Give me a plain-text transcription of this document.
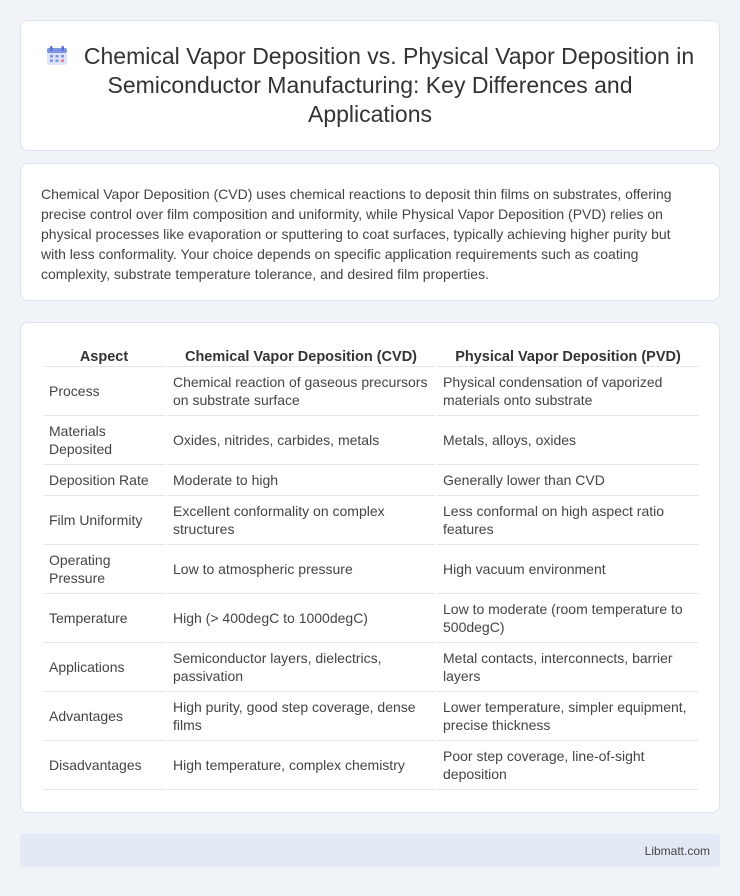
Chemical Vapor Deposition vs. Physical Vapor Deposition in Semiconductor Manufacturing: Key Differences and Applications

Chemical Vapor Deposition (CVD) uses chemical reactions to deposit thin films on substrates, offering precise control over film composition and uniformity, while Physical Vapor Deposition (PVD) relies on physical processes like evaporation or sputtering to coat surfaces, typically achieving higher purity but with less conformality. Your choice depends on specific application requirements such as coating complexity, substrate temperature tolerance, and desired film properties.

Aspect	Chemical Vapor Deposition (CVD)	Physical Vapor Deposition (PVD)
Process	Chemical reaction of gaseous precursors on substrate surface	Physical condensation of vaporized materials onto substrate
Materials Deposited	Oxides, nitrides, carbides, metals	Metals, alloys, oxides
Deposition Rate	Moderate to high	Generally lower than CVD
Film Uniformity	Excellent conformality on complex structures	Less conformal on high aspect ratio features
Operating Pressure	Low to atmospheric pressure	High vacuum environment
Temperature	High (> 400degC to 1000degC)	Low to moderate (room temperature to 500degC)
Applications	Semiconductor layers, dielectrics, passivation	Metal contacts, interconnects, barrier layers
Advantages	High purity, good step coverage, dense films	Lower temperature, simpler equipment, precise thickness
Disadvantages	High temperature, complex chemistry	Poor step coverage, line-of-sight deposition
Libmatt.com
